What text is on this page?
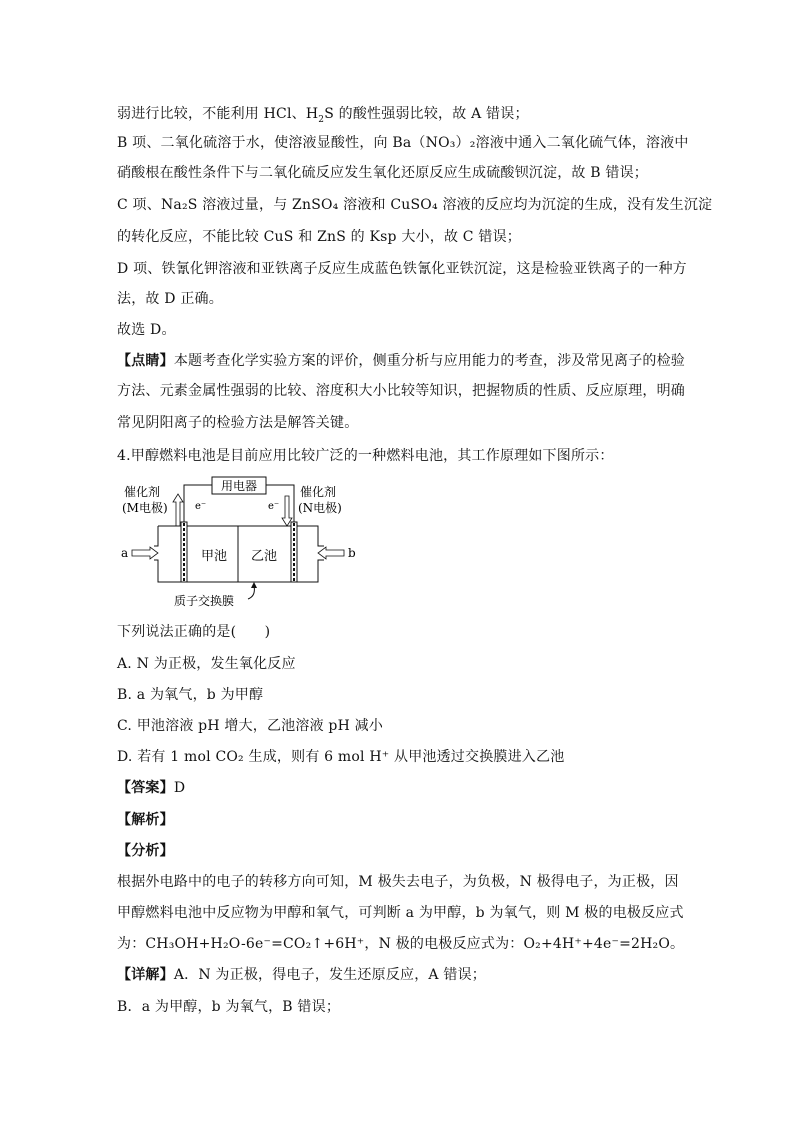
弱进行比较，不能利用 HCl、$H_2S$ 的酸性强弱比较，故 A 错误；
B 项、二氧化硫溶于水，使溶液显酸性，向 Ba（NO₃）₂溶液中通入二氧化硫气体，溶液中
硝酸根在酸性条件下与二氧化硫反应发生氧化还原反应生成硫酸钡沉淀，故 B 错误；
C 项、Na₂S 溶液过量，与 ZnSO₄ 溶液和 CuSO₄ 溶液的反应均为沉淀的生成，没有发生沉淀
的转化反应，不能比较 CuS 和 ZnS 的 Ksp 大小，故 C 错误；
D 项、铁氰化钾溶液和亚铁离子反应生成蓝色铁氰化亚铁沉淀，这是检验亚铁离子的一种方
法，故 D 正确。
故选 D。
【点睛】本题考查化学实验方案的评价，侧重分析与应用能力的考查，涉及常见离子的检验
方法、元素金属性强弱的比较、溶度积大小比较等知识，把握物质的性质、反应原理，明确
常见阴阳离子的检验方法是解答关键。
4.甲醇燃料电池是目前应用比较广泛的一种燃料电池，其工作原理如下图所示：
下列说法正确的是(　　)
A. N 为正极，发生氧化反应
B. a 为氧气，b 为甲醇
C. 甲池溶液 pH 增大，乙池溶液 pH 减小
D. 若有 1 mol CO₂ 生成，则有 6 mol H⁺ 从甲池透过交换膜进入乙池
【答案】D
【解析】
【分析】
根据外电路中的电子的转移方向可知，M 极失去电子，为负极，N 极得电子，为正极，因
甲醇燃料电池中反应物为甲醇和氧气，可判断 a 为甲醇，b 为氧气，则 M 极的电极反应式
为：CH₃OH+H₂O-6e⁻=CO₂↑+6H⁺，N 极的电极反应式为：O₂+4H⁺+4e⁻=2H₂O。
【详解】A．N 为正极，得电子，发生还原反应，A 错误；
B．a 为甲醇，b 为氧气，B 错误；
用电器
e⁻	e⁻
催化剂
(M电极)
催化剂
(N电极)
a	b
甲池 乙池
质子交换膜
